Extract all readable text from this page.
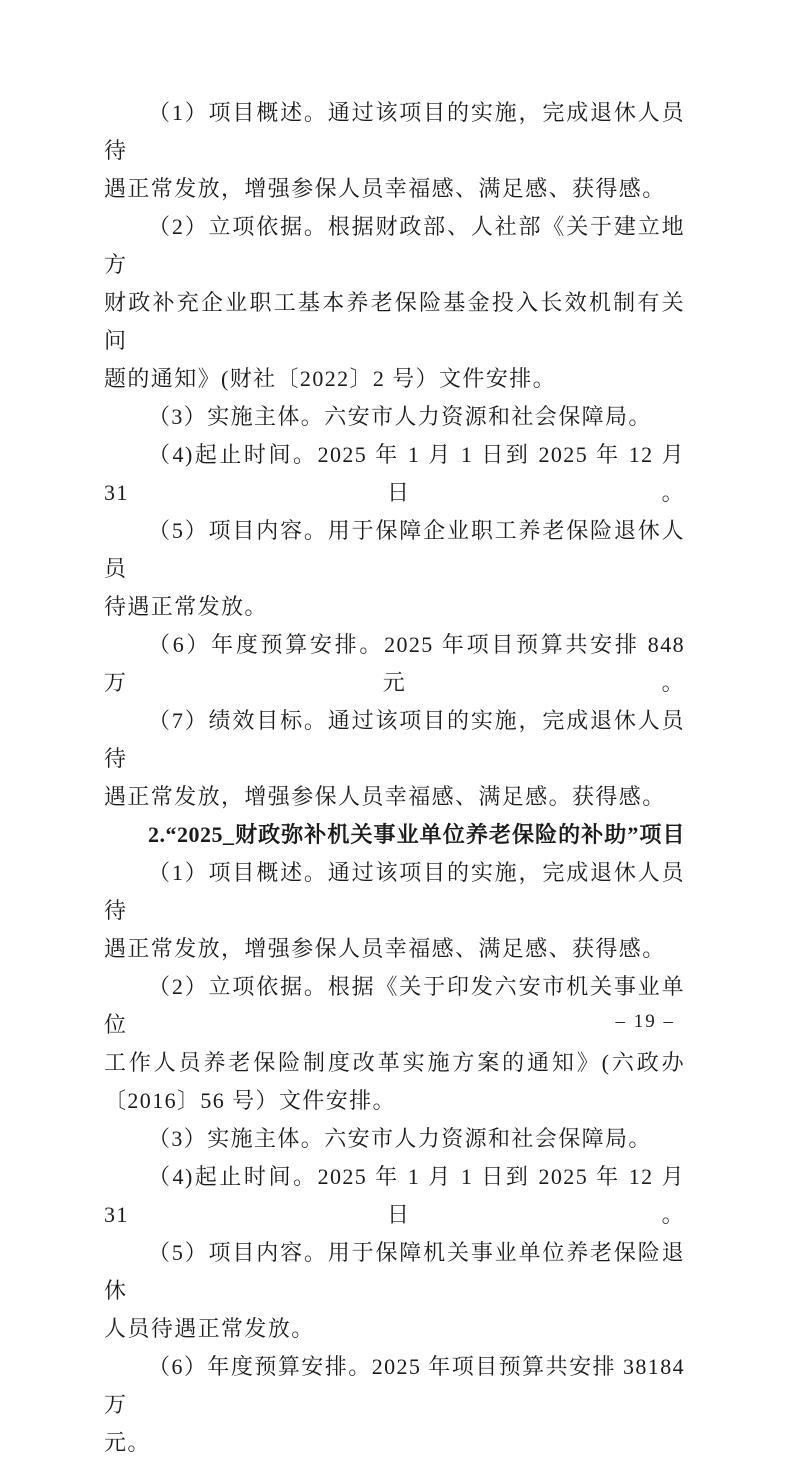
（1）项目概述。通过该项目的实施，完成退休人员待
遇正常发放，增强参保人员幸福感、满足感、获得感。
（2）立项依据。根据财政部、人社部《关于建立地方
财政补充企业职工基本养老保险基金投入长效机制有关问
题的通知》(财社〔2022〕2 号）文件安排。
（3）实施主体。六安市人力资源和社会保障局。
（4)起止时间。2025 年 1 月 1 日到 2025 年 12 月 31 日。
（5）项目内容。用于保障企业职工养老保险退休人员
待遇正常发放。
（6）年度预算安排。2025 年项目预算共安排 848 万元。
（7）绩效目标。通过该项目的实施，完成退休人员待
遇正常发放，增强参保人员幸福感、满足感。获得感。
2.“2025_财政弥补机关事业单位养老保险的补助”项目
（1）项目概述。通过该项目的实施，完成退休人员待
遇正常发放，增强参保人员幸福感、满足感、获得感。
（2）立项依据。根据《关于印发六安市机关事业单位
工作人员养老保险制度改革实施方案的通知》(六政办
〔2016〕56 号）文件安排。
（3）实施主体。六安市人力资源和社会保障局。
（4)起止时间。2025 年 1 月 1 日到 2025 年 12 月 31 日。
（5）项目内容。用于保障机关事业单位养老保险退休
人员待遇正常发放。
（6）年度预算安排。2025 年项目预算共安排 38184 万
元。
– 19 –
